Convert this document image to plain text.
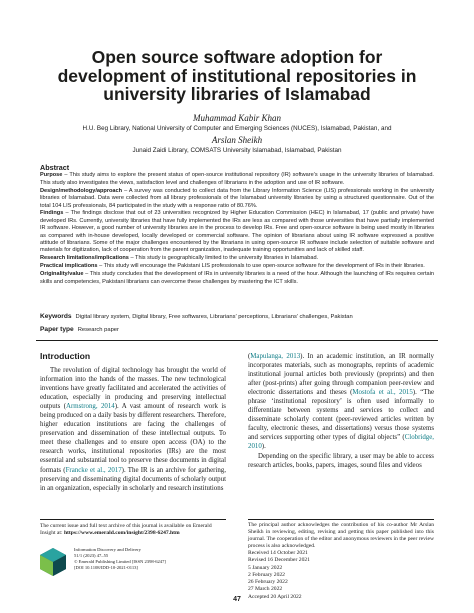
Open source software adoption for
development of institutional repositories in
university libraries of Islamabad
Muhammad Kabir Khan
H.U. Beg Library, National University of Computer and Emerging Sciences (NUCES), Islamabad, Pakistan, and
Arslan Sheikh
Junaid Zaidi Library, COMSATS University Islamabad, Islamabad, Pakistan
Abstract

Purpose – This study aims to explore the present status of open-source institutional repository (IR) software’s usage in the university libraries of Islamabad. This study also investigates the views, satisfaction level and challenges of librarians in the adoption and use of IR software.

Design/methodology/approach – A survey was conducted to collect data from the Library Information Science (LIS) professionals working in the university libraries of Islamabad. Data were collected from all library professionals of the Islamabad university libraries by using a structured questionnaire. Out of the total 104 LIS professionals, 84 participated in the study with a response ratio of 80.76%.

Findings – The findings disclose that out of 23 universities recognized by Higher Education Commission (HEC) in Islamabad, 17 (public and private) have developed IRs. Currently, university libraries that have fully implemented the IRs are less as compared with those universities that have partially implemented IR software. However, a good number of university libraries are in the process to develop IRs. Free and open-source software is being used mostly in libraries as compared with in-house developed, locally developed or commercial software. The opinion of librarians about using IR software expressed a positive attitude of librarians. Some of the major challenges encountered by the librarians in using open-source IR software include selection of suitable software and materials for digitization, lack of cooperation from the parent organization, inadequate training opportunities and lack of skilled staff.

Research limitations/implications – This study is geographically limited to the university libraries in Islamabad.

Practical implications – This study will encourage the Pakistani LIS professionals to use open-source software for the development of IRs in their libraries.

Originality/value – This study concludes that the development of IRs in university libraries is a need of the hour. Although the launching of IRs requires certain skills and competencies, Pakistani librarians can overcome these challenges by mastering the ICT skills.

Keywords Digital library system, Digital library, Free softwares, Librarians’ perceptions, Librarians’ challenges, Pakistan
Paper type Research paper
Introduction

The revolution of digital technology has brought the world of information into the hands of the masses. The new technological inventions have greatly facilitated and accelerated the activities of education, especially in producing and preserving intellectual outputs (Armstrong, 2014). A vast amount of research work is being produced on a daily basis by different researchers. Therefore, higher education institutions are facing the challenges of preservation and dissemination of these intellectual outputs. To meet these challenges and to ensure open access (OA) to the research works, institutional repositories (IRs) are the most essential and substantial tool to preserve these documents in digital formats (Francke et al., 2017). The IR is an archive for gathering, preserving and disseminating digital documents of scholarly output in an organization, especially in scholarly and research institutions

(Mapulanga, 2013). In an academic institution, an IR normally incorporates materials, such as monographs, reprints of academic institutional journal articles both previously (preprints) and then after (post-prints) after going through companion peer-review and electronic dissertations and theses (Mostofa et al., 2015). “The phrase ‘institutional repository’ is often used informally to differentiate between systems and services to collect and disseminate scholarly content (peer-reviewed articles written by faculty, electronic theses, and dissertations) versus those systems and services supporting other types of digital objects” (Clobridge, 2010).

Depending on the specific library, a user may be able to access research articles, books, papers, images, sound files and videos

The current issue and full text archive of this journal is available on Emerald Insight at: https://www.emerald.com/insight/2398-6247.htm
Information Discovery and Delivery
51/1 (2023) 47–55
© Emerald Publishing Limited [ISSN 2398-6247]
[DOI 10.1108/IDD-10-2021-0113]
The principal author acknowledges the contribution of his co-author Mr Arslan Sheikh in reviewing, editing, revising and getting this paper published into this journal. The cooperation of the editor and anonymous reviewers in the peer review process is also acknowledged.
Received 14 October 2021
Revised 16 December 2021
5 January 2022
2 February 2022
26 February 2022
27 March 2022
Accepted 20 April 2022
47
